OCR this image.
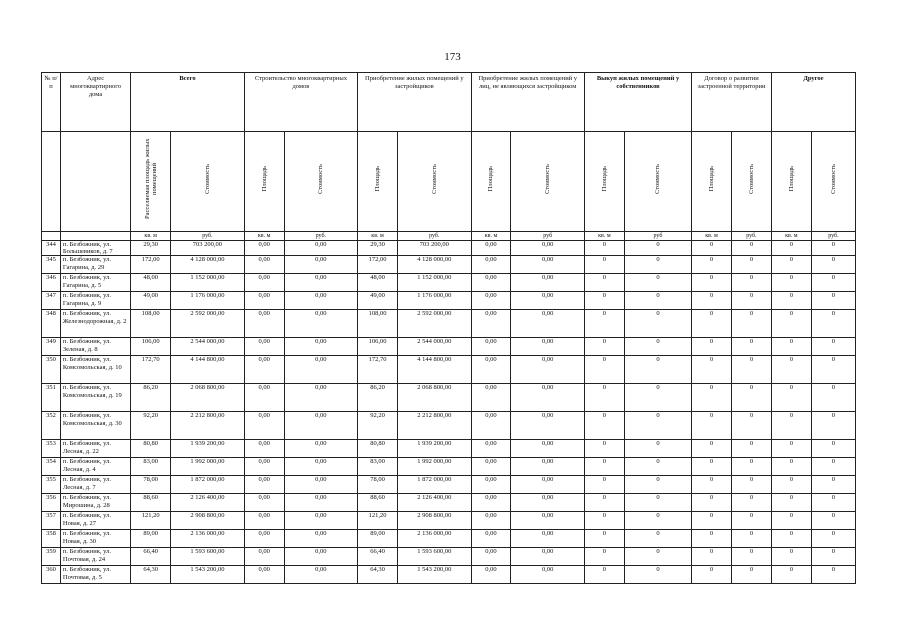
173
№ п/п	Адрес многоквартирного дома	Всего		Строительство многоквартирных домов		Приобретение жилых помещений у застройщиков		Приобретение жилых помещений у лиц, не являющихся застройщиком		Выкуп жилых помещений у собственников		Договор о развитии застроенной территории		Другое	
		Расселяемая площадь жилых помещений	Стоимость	Площадь	Стоимость	Площадь	Стоимость	Площадь	Стоимость	Площадь	Стоимость	Площадь	Стоимость	Площадь	Стоимость
		кв. м	руб.	кв. м	руб.	кв. м	руб.	кв. м	руб	кв. м	руб	кв. м	руб.	кв. м	руб.
344	п. Безбожник, ул. Большевиков, д. 7	29,30	703 200,00	0,00	0,00	29,30	703 200,00	0,00	0,00	0	0	0	0	0	0
345	п. Безбожник, ул. Гагарина, д. 29	172,00	4 128 000,00	0,00	0,00	172,00	4 128 000,00	0,00	0,00	0	0	0	0	0	0
346	п. Безбожник, ул. Гагарина, д. 5	48,00	1 152 000,00	0,00	0,00	48,00	1 152 000,00	0,00	0,00	0	0	0	0	0	0
347	п. Безбожник, ул. Гагарина, д. 9	49,00	1 176 000,00	0,00	0,00	49,00	1 176 000,00	0,00	0,00	0	0	0	0	0	0
348	п. Безбожник, ул. Железнодорожная, д. 2	108,00	2 592 000,00	0,00	0,00	108,00	2 592 000,00	0,00	0,00	0	0	0	0	0	0
349	п. Безбожник, ул. Зеленая, д. 8	106,00	2 544 000,00	0,00	0,00	106,00	2 544 000,00	0,00	0,00	0	0	0	0	0	0
350	п. Безбожник, ул. Комсомольская, д. 10	172,70	4 144 800,00	0,00	0,00	172,70	4 144 800,00	0,00	0,00	0	0	0	0	0	0
351	п. Безбожник, ул. Комсомольская, д. 19	86,20	2 068 800,00	0,00	0,00	86,20	2 068 800,00	0,00	0,00	0	0	0	0	0	0
352	п. Безбожник, ул. Комсомольская, д. 30	92,20	2 212 800,00	0,00	0,00	92,20	2 212 800,00	0,00	0,00	0	0	0	0	0	0
353	п. Безбожник, ул. Лесная, д. 22	80,80	1 939 200,00	0,00	0,00	80,80	1 939 200,00	0,00	0,00	0	0	0	0	0	0
354	п. Безбожник, ул. Лесная, д. 4	83,00	1 992 000,00	0,00	0,00	83,00	1 992 000,00	0,00	0,00	0	0	0	0	0	0
355	п. Безбожник, ул. Лесная, д. 7	78,00	1 872 000,00	0,00	0,00	78,00	1 872 000,00	0,00	0,00	0	0	0	0	0	0
356	п. Безбожник, ул. Мирошина, д. 28	88,60	2 126 400,00	0,00	0,00	88,60	2 126 400,00	0,00	0,00	0	0	0	0	0	0
357	п. Безбожник, ул. Новая, д. 27	121,20	2 908 800,00	0,00	0,00	121,20	2 908 800,00	0,00	0,00	0	0	0	0	0	0
358	п. Безбожник, ул. Новая, д. 30	89,00	2 136 000,00	0,00	0,00	89,00	2 136 000,00	0,00	0,00	0	0	0	0	0	0
359	п. Безбожник, ул. Почтовая, д. 24	66,40	1 593 600,00	0,00	0,00	66,40	1 593 600,00	0,00	0,00	0	0	0	0	0	0
360	п. Безбожник, ул. Почтовая, д. 5	64,30	1 543 200,00	0,00	0,00	64,30	1 543 200,00	0,00	0,00	0	0	0	0	0	0
